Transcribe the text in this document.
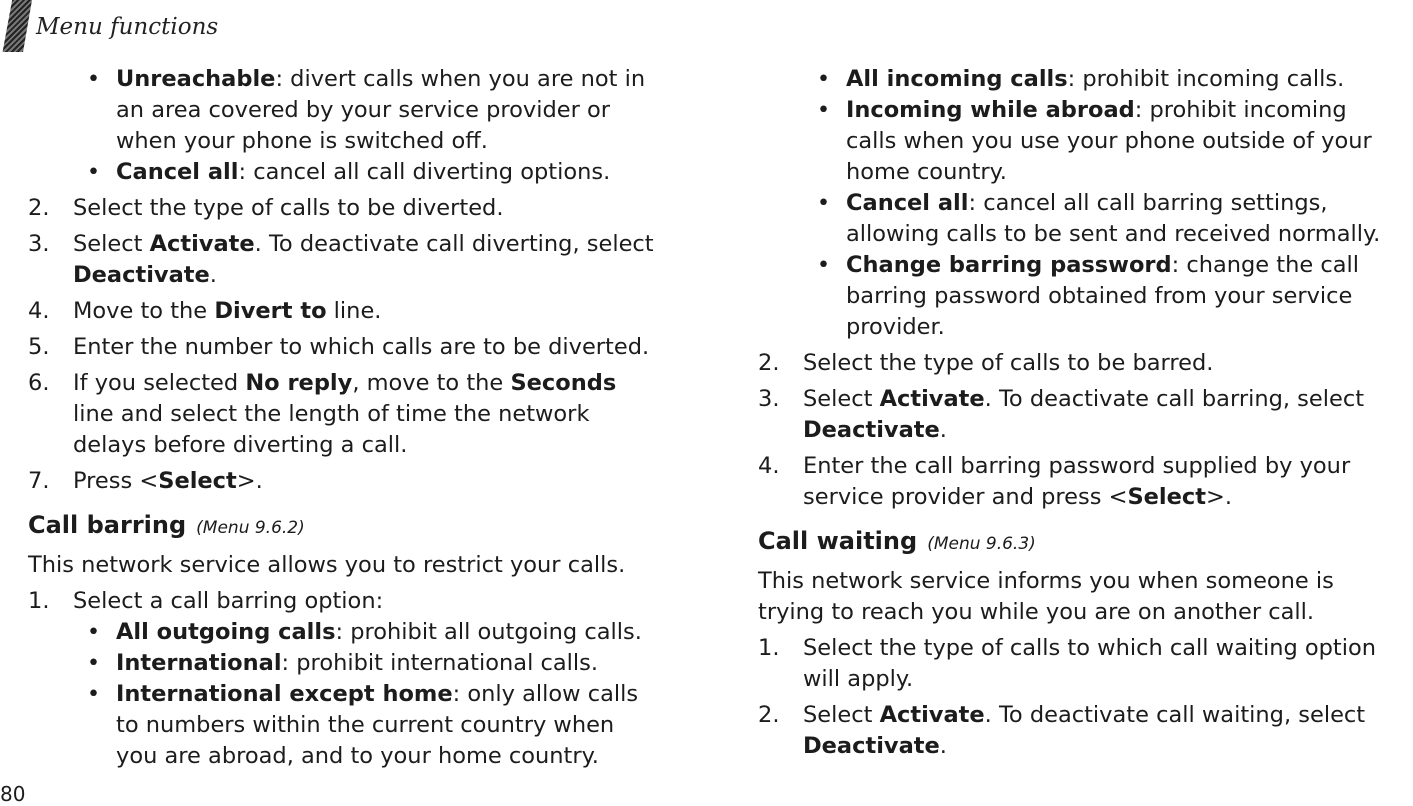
Menu functions
• Unreachable: divert calls when you are not in
an area covered by your service provider or
when your phone is switched off.
• Cancel all: cancel all call diverting options.
2.	Select the type of calls to be diverted.
3.	Select Activate. To deactivate call diverting, select
Deactivate.
4.	Move to the Divert to line.
5.	Enter the number to which calls are to be diverted.
6.	If you selected No reply, move to the Seconds
line and select the length of time the network
delays before diverting a call.
7.	Press <Select>.
Call barring (Menu 9.6.2)
This network service allows you to restrict your calls.
1.	Select a call barring option:
• All outgoing calls: prohibit all outgoing calls.
• International: prohibit international calls.
• International except home: only allow calls
to numbers within the current country when
you are abroad, and to your home country.
• All incoming calls: prohibit incoming calls.
• Incoming while abroad: prohibit incoming
calls when you use your phone outside of your
home country.
• Cancel all: cancel all call barring settings,
allowing calls to be sent and received normally.
• Change barring password: change the call
barring password obtained from your service
provider.
2.	Select the type of calls to be barred.
3.	Select Activate. To deactivate call barring, select
Deactivate.
4.	Enter the call barring password supplied by your
service provider and press <Select>.
Call waiting (Menu 9.6.3)
This network service informs you when someone is
trying to reach you while you are on another call.
1.	Select the type of calls to which call waiting option
will apply.
2.	Select Activate. To deactivate call waiting, select
Deactivate.
80
